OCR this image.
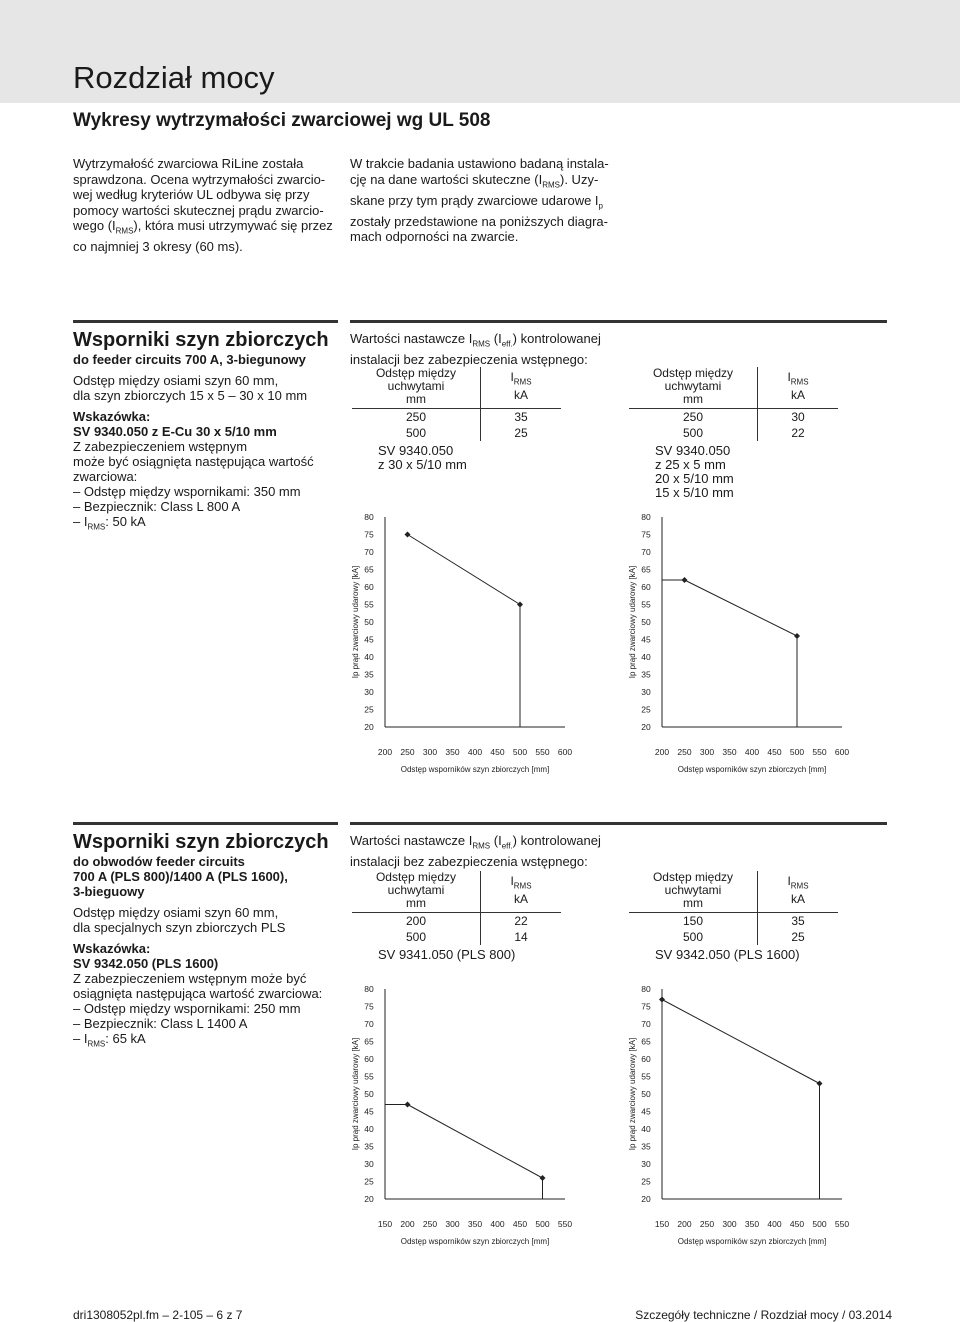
Rozdział mocy
Wykresy wytrzymałości zwarciowej wg UL 508

Wytrzymałość zwarciowa RiLine została
sprawdzona. Ocena wytrzymałości zwarcio-
wej według kryteriów UL odbywa się przy
pomocy wartości skutecznej prądu zwarcio-
wego $(I_{RMS})$, która musi utrzymywać się przez
co najmniej 3 okresy (60 ms).

W trakcie badania ustawiono badaną instala-
cję na dane wartości skuteczne $(I_{RMS})$. Uzy-
skane przy tym prądy zwarciowe udarowe $I_p$
zostały przedstawione na poniższych diagra-
mach odporności na zwarcie.

Wsporniki szyn zbiorczych
do feeder circuits 700 A, 3-biegunowy
Odstęp między osiami szyn 60 mm,
dla szyn zbiorczych 15 x 5 – 30 x 10 mm
Wskazówka:
SV 9340.050 z E-Cu 30 x 5/10 mm
Z zabezpieczeniem wstępnym
może być osiągnięta następująca wartość
zwarciowa:
– Odstęp między wspornikami: 350 mm
– Bezpiecznik: Class L 800 A
– $I_{RMS}$: 50 kA
Wartości nastawcze $I_{RMS}$ $(I_{eff.})$ kontrolowanej
instalacji bez zabezpieczenia wstępnego:
Odstęp między uchwytami
mm	$I_{RMS}$
kA
250	35
500	25
Odstęp między uchwytami
mm	$I_{RMS}$
kA
250	30
500	22
SV 9340.050
z 30 x 5/10 mm
SV 9340.050
z 25 x 5 mm
20 x 5/10 mm
15 x 5/10 mm
20
25
30
35
40
45
50
55
60
65
70
75
80
200 250 300 350 400 450 500 550 600
Odstęp wsporników szyn zbiorczych [mm]
Ip prąd zwarciowy udarowy [kA]
20
25
30
35
40
45
50
55
60
65
70
75
80
200 250 300 350 400 450 500 550 600
Odstęp wsporników szyn zbiorczych [mm]
Ip prąd zwarciowy udarowy [kA]
Wsporniki szyn zbiorczych
do obwodów feeder circuits
700 A (PLS 800)/1400 A (PLS 1600),
3-bieguowy
Odstęp między osiami szyn 60 mm,
dla specjalnych szyn zbiorczych PLS
Wskazówka:
SV 9342.050 (PLS 1600)
Z zabezpieczeniem wstępnym może być
osiągnięta następująca wartość zwarciowa:
– Odstęp między wspornikami: 250 mm
– Bezpiecznik: Class L 1400 A
– $I_{RMS}$: 65 kA
Wartości nastawcze $I_{RMS}$ $(I_{eff.})$ kontrolowanej
instalacji bez zabezpieczenia wstępnego:
Odstęp między uchwytami
mm	$I_{RMS}$
kA
200	22
500	14
Odstęp między uchwytami
mm	$I_{RMS}$
kA
150	35
500	25
SV 9341.050 (PLS 800)	SV 9342.050 (PLS 1600)
20
25
30
35
40
45
50
55
60
65
70
75
80
150 200 250 300 350 400 450 500 550
Odstęp wsporników szyn zbiorczych [mm]
Ip prąd zwarciowy udarowy [kA]
20
25
30
35
40
45
50
55
60
65
70
75
80
150 200 250 300 350 400 450 500 550
Odstęp wsporników szyn zbiorczych [mm]
Ip prąd zwarciowy udarowy [kA]
dri1308052pl.fm – 2-105 – 6 z 7	Szczegóły techniczne / Rozdział mocy / 03.2014
